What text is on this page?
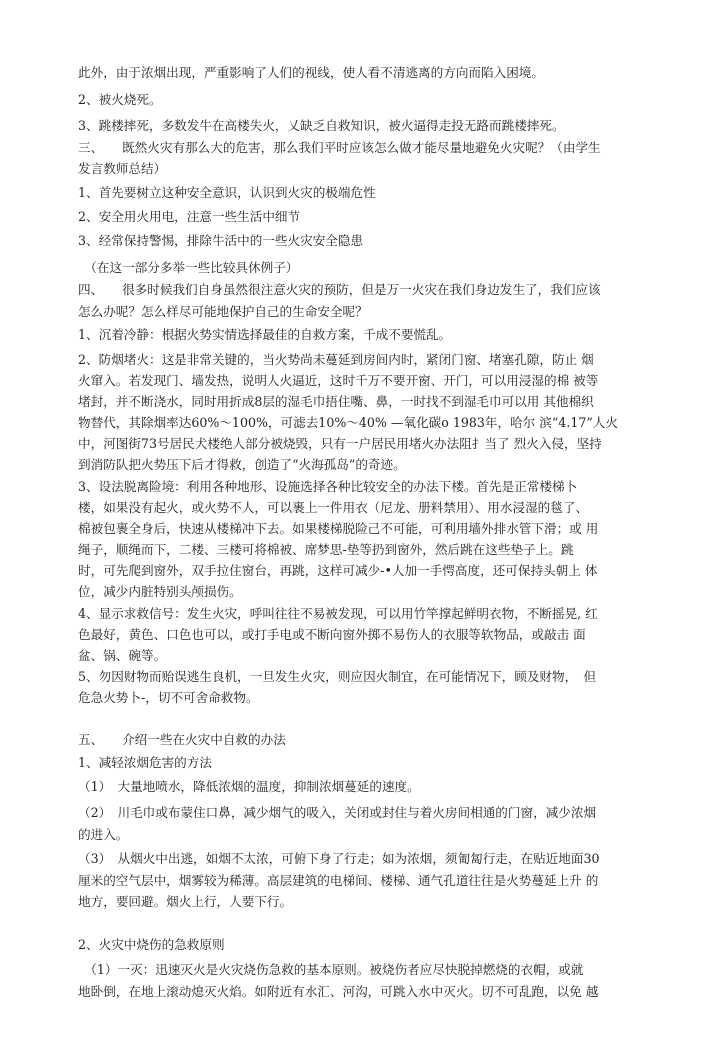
此外，由于浓烟出现，严重影响了人们的视线，使人看不清逃离的方向而陷入困境。
2、被火烧死。
3、跳楼摔死，多数发牛在高楼失火，乂缺乏自救知识，被火逼得走投无路而跳楼摔死。
三、　　既然火灾有那么大的危害，那么我们平时应该怎么做才能尽量地避免火灾呢？（由学生
发言教师总结）
1、首先要树立这种安全意识，认识到火灾的极端危性
2、安全用火用电，注意一些生活中细节
3、经常保持警惕，排除牛活中的一些火灾安全隐患
　（在这一部分多举一些比较具休例子）
四、　　很多时候我们自身虽然很注意火灾的预防，但是万一火灾在我们身边发生了，我们应该
怎么办呢？怎么样尽可能地保护自己的生命安全呢？
1、沉着冷静：根据火势实情选择最佳的自救方案，千成不要慌乱。
2、防烟堵火：这是非常关键的，当火势尚未蔓延到房间内时，紧闭门窗、堵塞孔隙，防止 烟
火窜入。若发现门、墙发热，说明人火逼近，这时千万不要开窗、开门，可以用浸湿的棉 被等
堵封，并不断浇水，同时用折成8层的湿毛巾捂住嘴、鼻，一时找不到湿毛巾可以用 其他棉织
物替代，其除烟率达60%～100%，可滤去10%～40% —氧化碳o 1983年，哈尔 滨“4.17”人火
中，河图街73号居民犬楼绝人部分被烧毁，只有一户居民用堵火办法阻扌当了 烈火入侵，坚持
到消防队把火势压下后才得救，创造了“火海孤岛”的奇迹。
3、设法脱离险境：利用各种地形、设施选择各种比较安全的办法下楼。首先是正常楼梯卜
楼，如果没有起火，或火势不人，可以裹上一件用衣（尼龙、册料禁用）、用水浸湿的毯了、
棉被包裹全身后，快速从楼梯冲下去。如果楼梯脱险己不可能，可利用墙外排水管下滑；或 用
绳子，顺绳而下，二楼、三楼可将棉被、席梦思-垫等扔到窗外，然后跳在这些垫子上。跳
时，可先爬到窗外，双手拉住窗台，再跳，这样可减少-•人加一手愕高度，还可保持头朝上 体
位，减少内脏特别头颅损伤。
4、显示求救信号：发生火灾，呼叫往往不易被发现，可以用竹竿撑起鲜明衣物，不断摇晃, 红
色最好，黄色、口色也可以，或打手电或不断向窗外掷不易伤人的衣服等软物品，或敲击 面
盆、锅、碗等。
5、勿因财物而贻误逃生良机，一旦发生火灾，则应因火制宜，在可能情况下，顾及财物，　但
危急火势卜-，切不可舍命救物。
五、　　介绍一些在火灾中自救的办法
1、减轻浓烟危害的方法
（1）　大量地喷水，降低浓烟的温度，抑制浓烟蔓延的速度。
（2）　川毛巾或布蒙住口鼻，减少烟气的吸入，关闭或封住与着火房间相通的门窗，减少浓烟
的进入。
（3）　从烟火中出逃，如烟不太浓，可俯下身了行走；如为浓烟，须匍匐行走，在贴近地面30
厘米的空气层中，烟雾较为稀薄。高层建筑的电梯间、楼梯、通气孔道往往是火势蔓延上升 的
地方，要回避。烟火上行，人要下行。
2、火灾中烧伤的急救原则
　（1）一灭：迅速灭火是火灾烧伤急救的基本原则。被烧伤者应尽快脱掉燃烧的衣帽，或就
地卧倒，在地上滚动熄灭火焰。如附近有水汇、河沟，可跳入水中灭火。切不可乱跑，以免 越
